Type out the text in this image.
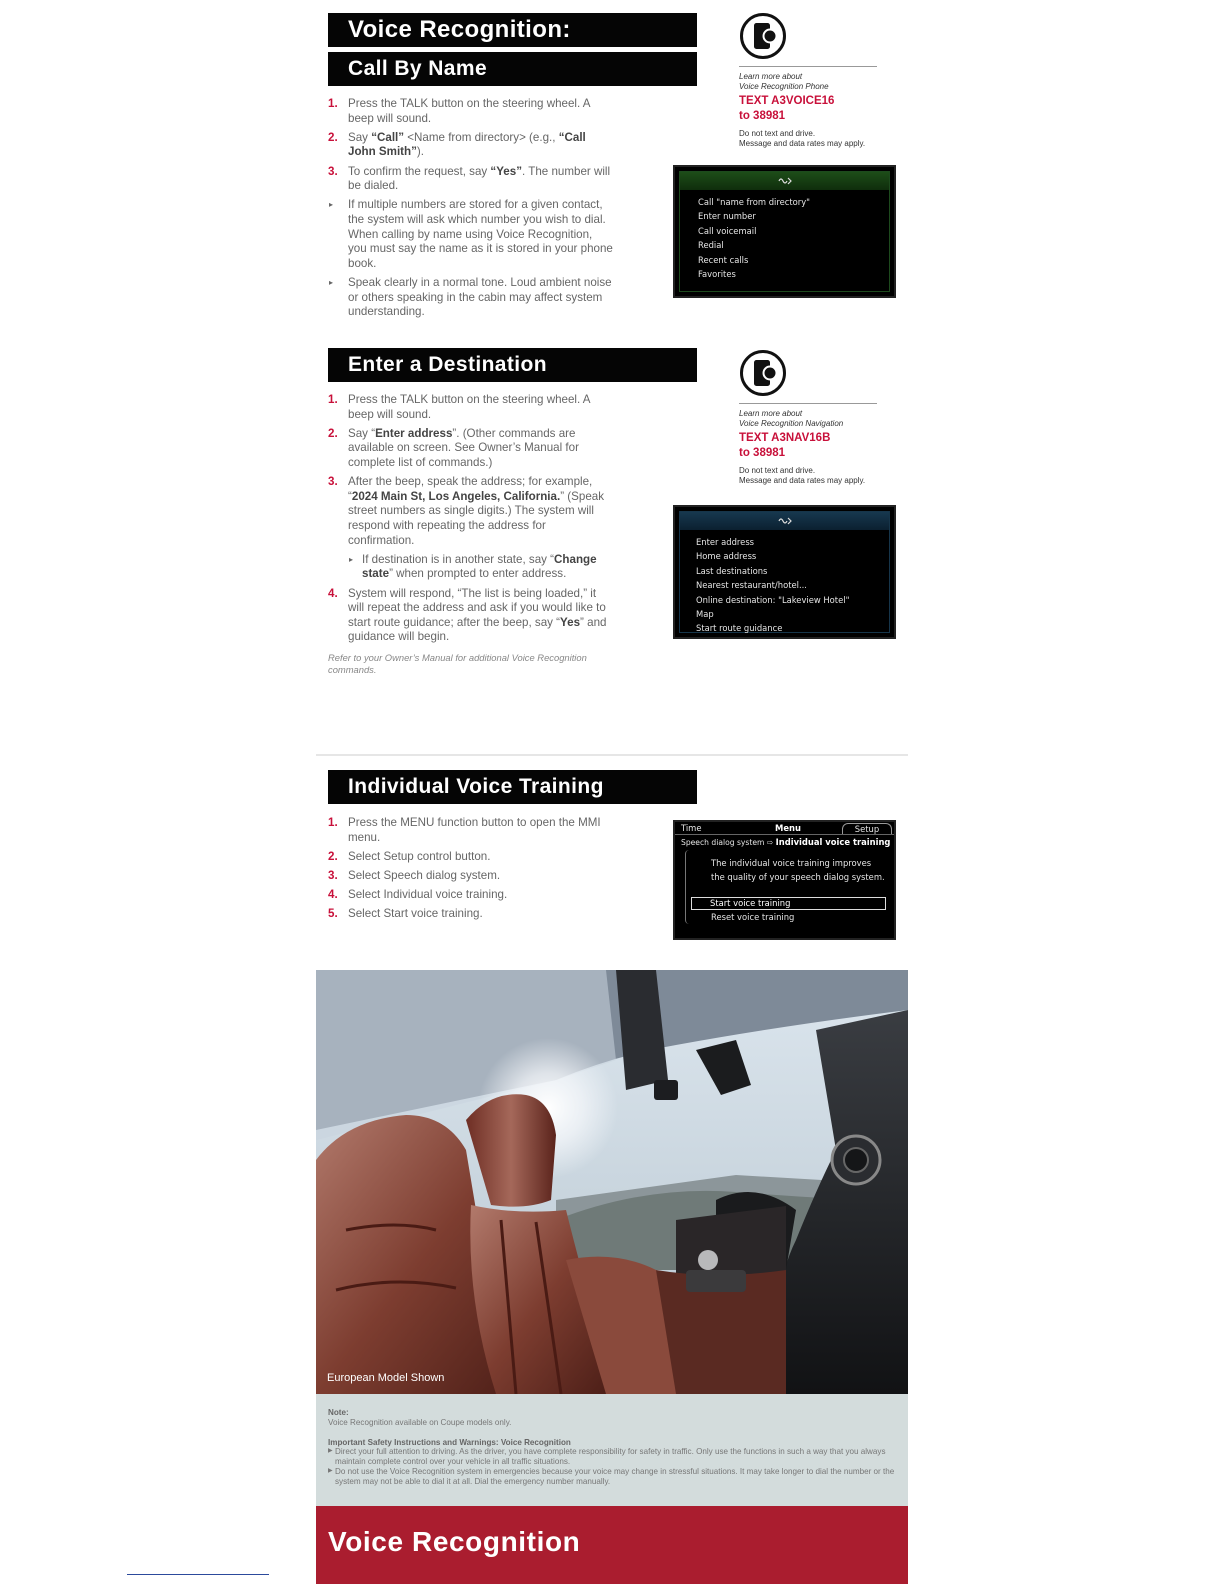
Voice Recognition:
Call By Name
1. Press the TALK button on the steering wheel. A beep will sound.
2. Say “Call” <Name from directory> (e.g., “Call John Smith”).
3. To confirm the request, say “Yes”. The number will be dialed.
▸ If multiple numbers are stored for a given contact, the system will ask which number you wish to dial. When calling by name using Voice Recognition, you must say the name as it is stored in your phone book.
▸ Speak clearly in a normal tone. Loud ambient noise or others speaking in the cabin may affect system understanding.
Learn more about
Voice Recognition Phone
TEXT A3VOICE16
to 38981
Do not text and drive.
Message and data rates may apply.
Call "name from directory"
Enter number
Call voicemail
Redial
Recent calls
Favorites
Enter a Destination
1. Press the TALK button on the steering wheel. A beep will sound.
2. Say “Enter address”. (Other commands are available on screen. See Owner’s Manual for complete list of commands.)
3. After the beep, speak the address; for example, “2024 Main St, Los Angeles, California.” (Speak street numbers as single digits.) The system will respond with repeating the address for confirmation.
▸ If destination is in another state, say “Change state” when prompted to enter address.
4. System will respond, “The list is being loaded,” it will repeat the address and ask if you would like to start route guidance; after the beep, say “Yes” and guidance will begin.
Refer to your Owner’s Manual for additional Voice Recognition commands.
Learn more about
Voice Recognition Navigation
TEXT A3NAV16B
to 38981
Do not text and drive.
Message and data rates may apply.
Enter address
Home address
Last destinations
Nearest restaurant/hotel...
Online destination: "Lakeview Hotel"
Map
Start route guidance
Individual Voice Training
1. Press the MENU function button to open the MMI menu.
2. Select Setup control button.
3. Select Speech dialog system.
4. Select Individual voice training.
5. Select Start voice training.
Time	Menu	Setup
Speech dialog system ⇨ Individual voice training
The individual voice training improves
the quality of your speech dialog system.
Start voice training
Reset voice training
European Model Shown
Note:
Voice Recognition available on Coupe models only.
Important Safety Instructions and Warnings: Voice Recognition
▶ Direct your full attention to driving. As the driver, you have complete responsibility for safety in traffic. Only use the functions in such a way that you always maintain complete control over your vehicle in all traffic situations.
▶ Do not use the Voice Recognition system in emergencies because your voice may change in stressful situations. It may take longer to dial the number or the system may not be able to dial it at all. Dial the emergency number manually.
Voice Recognition
